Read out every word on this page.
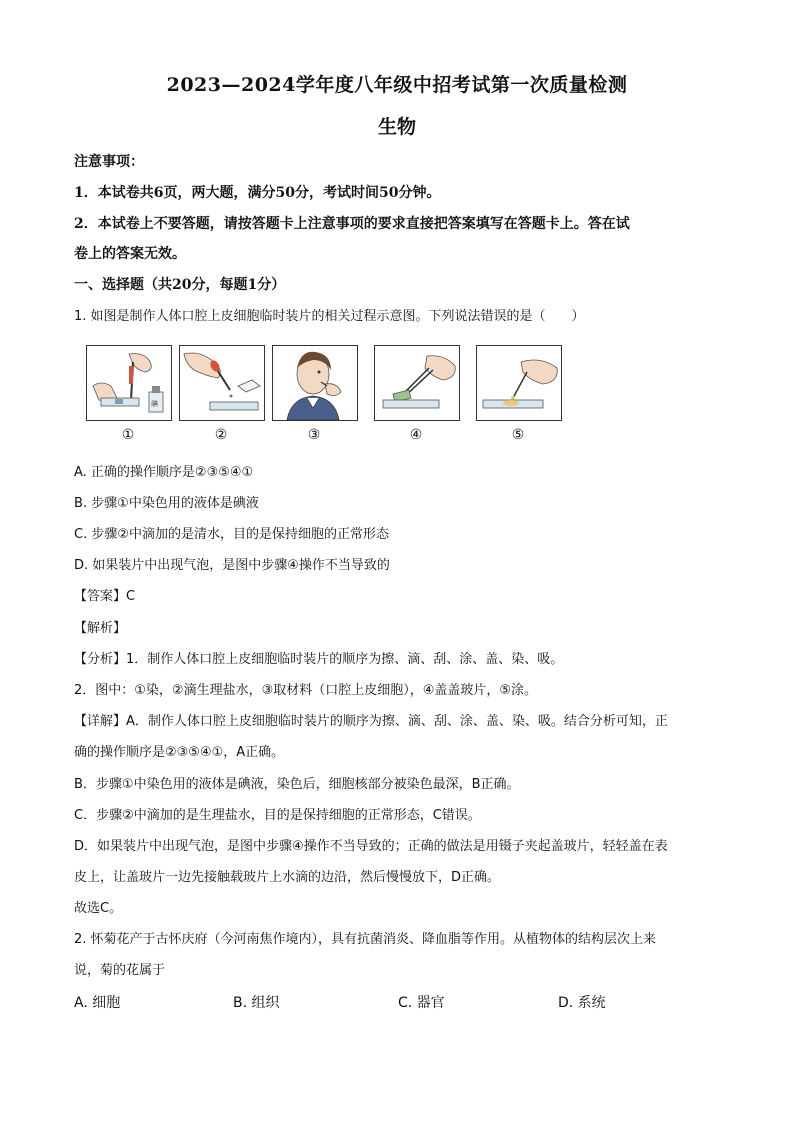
2023—2024学年度八年级中招考试第一次质量检测
生物
注意事项：
1．本试卷共6页，两大题，满分50分，考试时间50分钟。
2．本试卷上不要答题，请按答题卡上注意事项的要求直接把答案填写在答题卡上。答在试
卷上的答案无效。
一、选择题（共20分，每题1分）
1. 如图是制作人体口腔上皮细胞临时装片的相关过程示意图。下列说法错误的是（　　）
碘
①	②	③	④	⑤
A. 正确的操作顺序是②③⑤④①
B. 步骤①中染色用的液体是碘液
C. 步骤②中滴加的是清水，目的是保持细胞的正常形态
D. 如果装片中出现气泡，是图中步骤④操作不当导致的
【答案】C
【解析】
【分析】1．制作人体口腔上皮细胞临时装片的顺序为擦、滴、刮、涂、盖、染、吸。
2．图中：①染，②滴生理盐水，③取材料（口腔上皮细胞），④盖盖玻片，⑤涂。
【详解】A．制作人体口腔上皮细胞临时装片的顺序为擦、滴、刮、涂、盖、染、吸。结合分析可知，正
确的操作顺序是②③⑤④①，A正确。
B．步骤①中染色用的液体是碘液，染色后，细胞核部分被染色最深，B正确。
C．步骤②中滴加的是生理盐水，目的是保持细胞的正常形态，C错误。
D．如果装片中出现气泡，是图中步骤④操作不当导致的；正确的做法是用镊子夹起盖玻片，轻轻盖在表
皮上，让盖玻片一边先接触载玻片上水滴的边沿，然后慢慢放下，D正确。
故选C。
2. 怀菊花产于古怀庆府（今河南焦作境内），具有抗菌消炎、降血脂等作用。从植物体的结构层次上来
说，菊的花属于
A. 细胞	B. 组织	C. 器官	D. 系统
